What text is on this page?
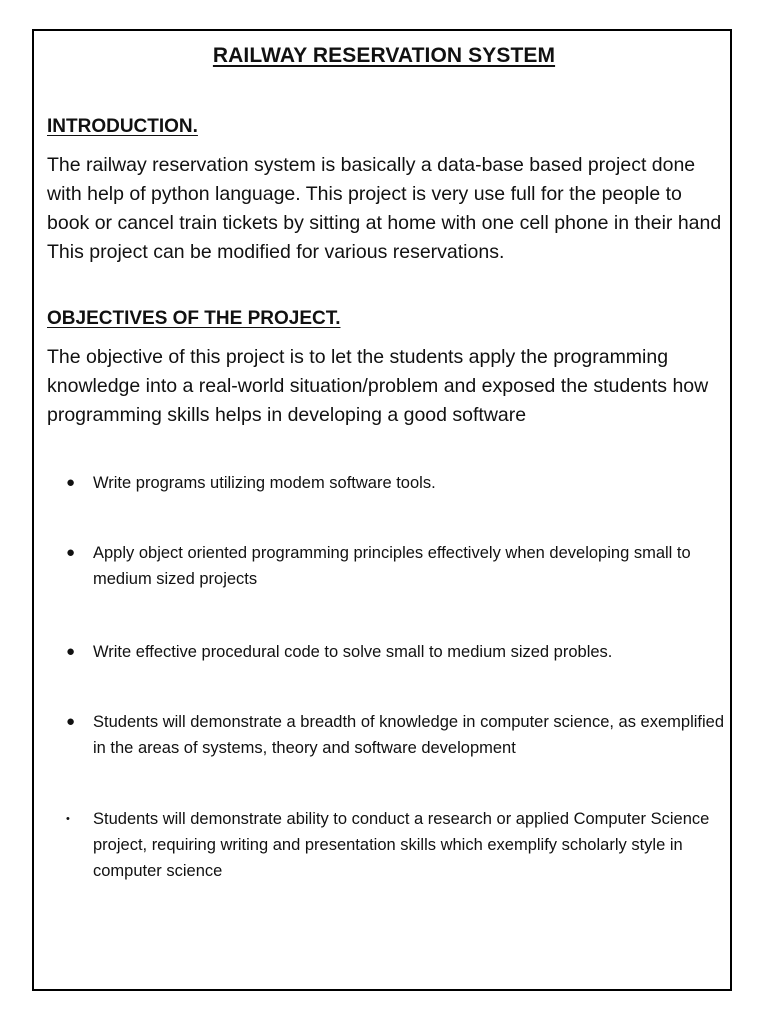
RAILWAY RESERVATION SYSTEM
INTRODUCTION.

The railway reservation system is basically a data-base based project done with help of python language. This project is very use full for the people to book or cancel train tickets by sitting at home with one cell phone in their hand This project can be modified for various reservations.

OBJECTIVES OF THE PROJECT.

The objective of this project is to let the students apply the programming knowledge into a real-world situation/problem and exposed the students how programming skills helps in developing a good software

●	Write programs utilizing modem software tools.
●	Apply object oriented programming principles effectively when developing small to medium sized projects
●	Write effective procedural code to solve small to medium sized probles.
●	Students will demonstrate a breadth of knowledge in computer science, as exemplified in the areas of systems, theory and software development
•	Students will demonstrate ability to conduct a research or applied Computer Science project, requiring writing and presentation skills which exemplify scholarly style in computer science
